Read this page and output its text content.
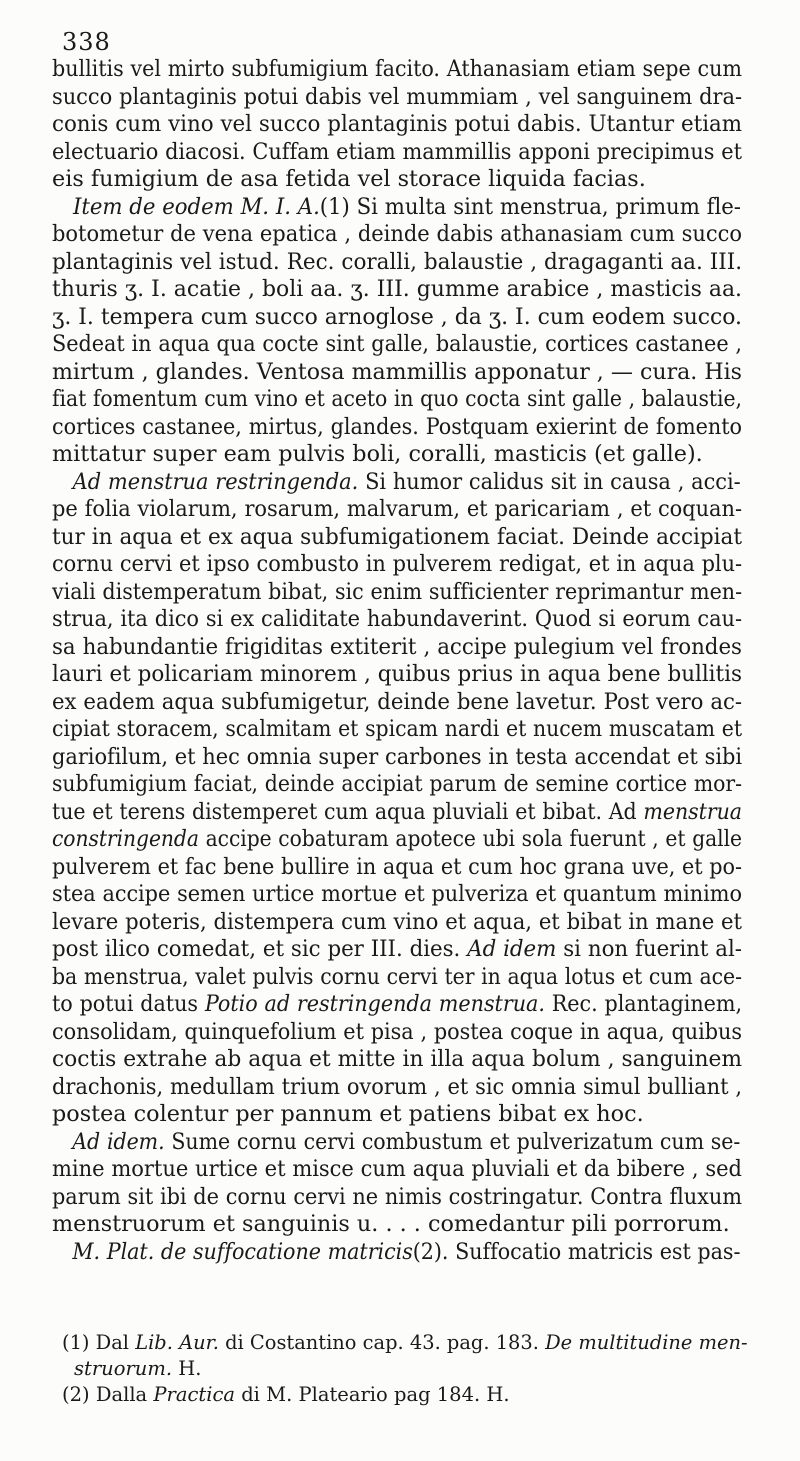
338
bullitis vel mirto subfumigium facito. Athanasiam etiam sepe cum
succo plantaginis potui dabis vel mummiam , vel sanguinem dra-
conis cum vino vel succo plantaginis potui dabis. Utantur etiam
electuario diacosi. Cuffam etiam mammillis apponi precipimus et
eis fumigium de asa fetida vel storace liquida facias.
Item de eodem M. I. A.(1) Si multa sint menstrua, primum fle-
botometur de vena epatica , deinde dabis athanasiam cum succo
plantaginis vel istud. Rec. coralli, balaustie , dragaganti aa. III.
thuris ʒ. I. acatie , boli aa. ʒ. III. gumme arabice , masticis aa.
ʒ. I. tempera cum succo arnoglose , da ʒ. I. cum eodem succo.
Sedeat in aqua qua cocte sint galle, balaustie, cortices castanee ,
mirtum , glandes. Ventosa mammillis apponatur , — cura. His
fiat fomentum cum vino et aceto in quo cocta sint galle , balaustie,
cortices castanee, mirtus, glandes. Postquam exierint de fomento
mittatur super eam pulvis boli, coralli, masticis (et galle).
Ad menstrua restringenda. Si humor calidus sit in causa , acci-
pe folia violarum, rosarum, malvarum, et paricariam , et coquan-
tur in aqua et ex aqua subfumigationem faciat. Deinde accipiat
cornu cervi et ipso combusto in pulverem redigat, et in aqua plu-
viali distemperatum bibat, sic enim sufficienter reprimantur men-
strua, ita dico si ex caliditate habundaverint. Quod si eorum cau-
sa habundantie frigiditas extiterit , accipe pulegium vel frondes
lauri et policariam minorem , quibus prius in aqua bene bullitis
ex eadem aqua subfumigetur, deinde bene lavetur. Post vero ac-
cipiat storacem, scalmitam et spicam nardi et nucem muscatam et
gariofilum, et hec omnia super carbones in testa accendat et sibi
subfumigium faciat, deinde accipiat parum de semine cortice mor-
tue et terens distemperet cum aqua pluviali et bibat. Ad menstrua
constringenda accipe cobaturam apotece ubi sola fuerunt , et galle
pulverem et fac bene bullire in aqua et cum hoc grana uve, et po-
stea accipe semen urtice mortue et pulveriza et quantum minimo
levare poteris, distempera cum vino et aqua, et bibat in mane et
post ilico comedat, et sic per III. dies. Ad idem si non fuerint al-
ba menstrua, valet pulvis cornu cervi ter in aqua lotus et cum ace-
to potui datus Potio ad restringenda menstrua. Rec. plantaginem,
consolidam, quinquefolium et pisa , postea coque in aqua, quibus
coctis extrahe ab aqua et mitte in illa aqua bolum , sanguinem
drachonis, medullam trium ovorum , et sic omnia simul bulliant ,
postea colentur per pannum et patiens bibat ex hoc.
Ad idem. Sume cornu cervi combustum et pulverizatum cum se-
mine mortue urtice et misce cum aqua pluviali et da bibere , sed
parum sit ibi de cornu cervi ne nimis costringatur. Contra fluxum
menstruorum et sanguinis u. . . . comedantur pili porrorum.
M. Plat. de suffocatione matricis(2). Suffocatio matricis est pas-
(1) Dal Lib. Aur. di Costantino cap. 43. pag. 183. De multitudine men-
struorum. H.
(2) Dalla Practica di M. Plateario pag 184. H.
